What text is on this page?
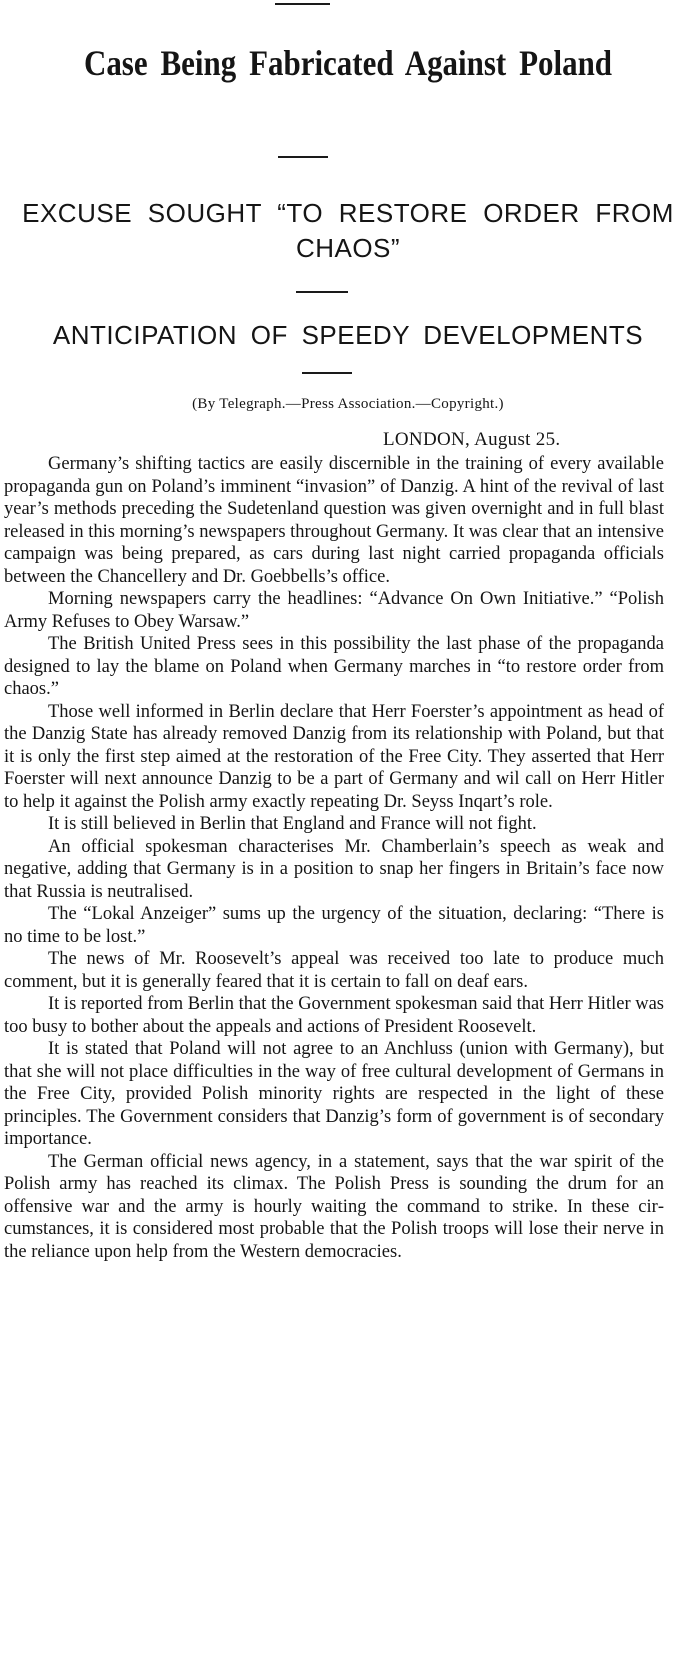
Case Being Fabricated Against Poland
EXCUSE SOUGHT “TO RESTORE ORDER FROM CHAOS”
ANTICIPATION OF SPEEDY DEVELOPMENTS
(By Telegraph.—Press Association.—Copyright.)
LONDON, August 25.

Germany’s shifting tactics are easily discernible in the training of every available propaganda gun on Poland’s imminent “invasion” of Danzig. A hint of the revival of last year’s methods preceding the Sudetenland question was given overnight and in full blast released in this morning’s newspapers throughout Germany. It was clear that an intensive campaign was being prepared, as cars during last night carried propaganda officials between the Chancellery and Dr. Goebbells’s office.

Morning newspapers carry the headlines: “Advance On Own Initiative.” “Polish Army Refuses to Obey Warsaw.”

The British United Press sees in this possibility the last phase of the propaganda designed to lay the blame on Poland when Germany marches in “to restore order from chaos.”

Those well informed in Berlin declare that Herr Foerster’s appointment as head of the Danzig State has already removed Danzig from its relationship with Poland, but that it is only the first step aimed at the restoration of the Free City. They asserted that Herr Foerster will next announce Danzig to be a part of Germany and wil call on Herr Hitler to help it against the Polish army exactly repeating Dr. Seyss Inqart’s role.

It is still believed in Berlin that England and France will not fight.

An official spokesman characterises Mr. Chamberlain’s speech as weak and negative, adding that Germany is in a position to snap her fingers in Britain’s face now that Russia is neutralised.

The “Lokal Anzeiger” sums up the urgency of the situation, declaring: “There is no time to be lost.”

The news of Mr. Roosevelt’s appeal was received too late to produce much comment, but it is generally feared that it is certain to fall on deaf ears.

It is reported from Berlin that the Government spokesman said that Herr Hitler was too busy to bother about the appeals and actions of President Roosevelt.

It is stated that Poland will not agree to an Anchluss (union with Germany), but that she will not place difficulties in the way of free cultural development of Germans in the Free City, provided Polish minority rights are respected in the light of these principles. The Government considers that Danzig’s form of government is of secondary importance.

The German official news agency, in a statement, says that the war spirit of the Polish army has reached its climax. The Polish Press is sounding the drum for an offensive war and the army is hourly waiting the command to strike. In these circumstances, it is considered most probable that the Polish troops will lose their nerve in the reliance upon help from the Western democracies.
